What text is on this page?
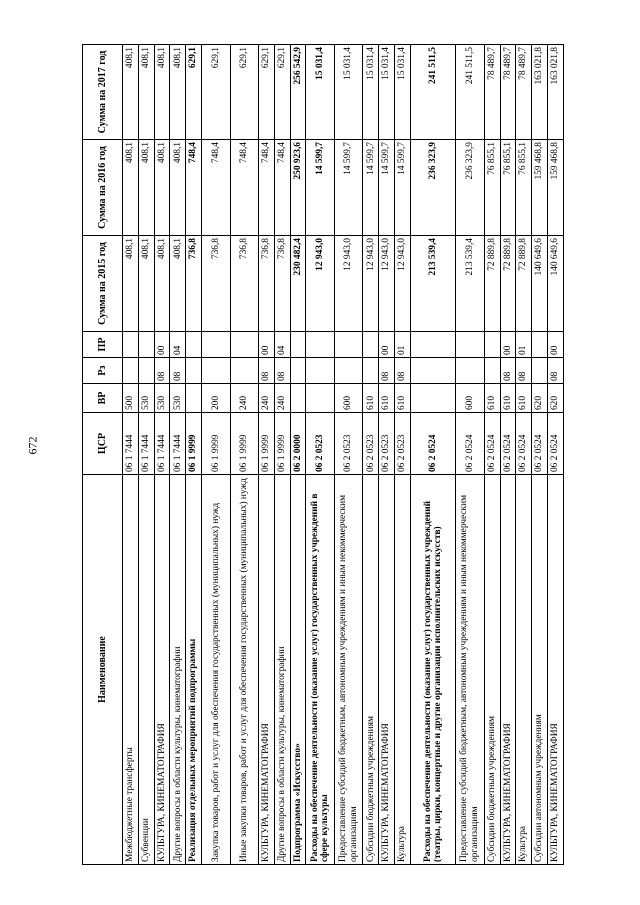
672
Наименование	ЦСР	ВР	Рз	ПР	Сумма на 2015 год	Сумма на 2016 год	Сумма на 2017 год
Межбюджетные трансферты	06 1 7444	500			408,1	408,1	408,1
Субвенции	06 1 7444	530			408,1	408,1	408,1
КУЛЬТУРА, КИНЕМАТОГРАФИЯ	06 1 7444	530	08	00	408,1	408,1	408,1
Другие вопросы в области культуры, кинематографии	06 1 7444	530	08	04	408,1	408,1	408,1
Реализация отдельных мероприятий подпрограммы	06 1 9999				736,8	748,4	629,1
Закупка товаров, работ и услуг для обеспечения государственных (муниципальных) нужд	06 1 9999	200			736,8	748,4	629,1
Иные закупки товаров, работ и услуг для обеспечения государственных (муниципальных) нужд	06 1 9999	240			736,8	748,4	629,1
КУЛЬТУРА, КИНЕМАТОГРАФИЯ	06 1 9999	240	08	00	736,8	748,4	629,1
Другие вопросы в области культуры, кинематографии	06 1 9999	240	08	04	736,8	748,4	629,1
Подпрограмма «Искусство»	06 2 0000				230 482,4	250 923,6	256 542,9
Расходы на обеспечение деятельности (оказание услуг) государственных учреждений в сфере культуры	06 2 0523				12 943,0	14 599,7	15 031,4
Предоставление субсидий бюджетным, автономным учреждениям и иным некоммерческим организациям	06 2 0523	600			12 943,0	14 599,7	15 031,4
Субсидии бюджетным учреждениям	06 2 0523	610			12 943,0	14 599,7	15 031,4
КУЛЬТУРА, КИНЕМАТОГРАФИЯ	06 2 0523	610	08	00	12 943,0	14 599,7	15 031,4
Культура	06 2 0523	610	08	01	12 943,0	14 599,7	15 031,4
Расходы на обеспечение деятельности (оказание услуг) государственных учреждений (театры, цирки, концертные и другие организации исполнительских искусств)	06 2 0524				213 539,4	236 323,9	241 511,5
Предоставление субсидий бюджетным, автономным учреждениям и иным некоммерческим организациям	06 2 0524	600			213 539,4	236 323,9	241 511,5
Субсидии бюджетным учреждениям	06 2 0524	610			72 889,8	76 855,1	78 489,7
КУЛЬТУРА, КИНЕМАТОГРАФИЯ	06 2 0524	610	08	00	72 889,8	76 855,1	78 489,7
Культура	06 2 0524	610	08	01	72 889,8	76 855,1	78 489,7
Субсидии автономным учреждениям	06 2 0524	620			140 649,6	159 468,8	163 021,8
КУЛЬТУРА, КИНЕМАТОГРАФИЯ	06 2 0524	620	08	00	140 649,6	159 468,8	163 021,8
